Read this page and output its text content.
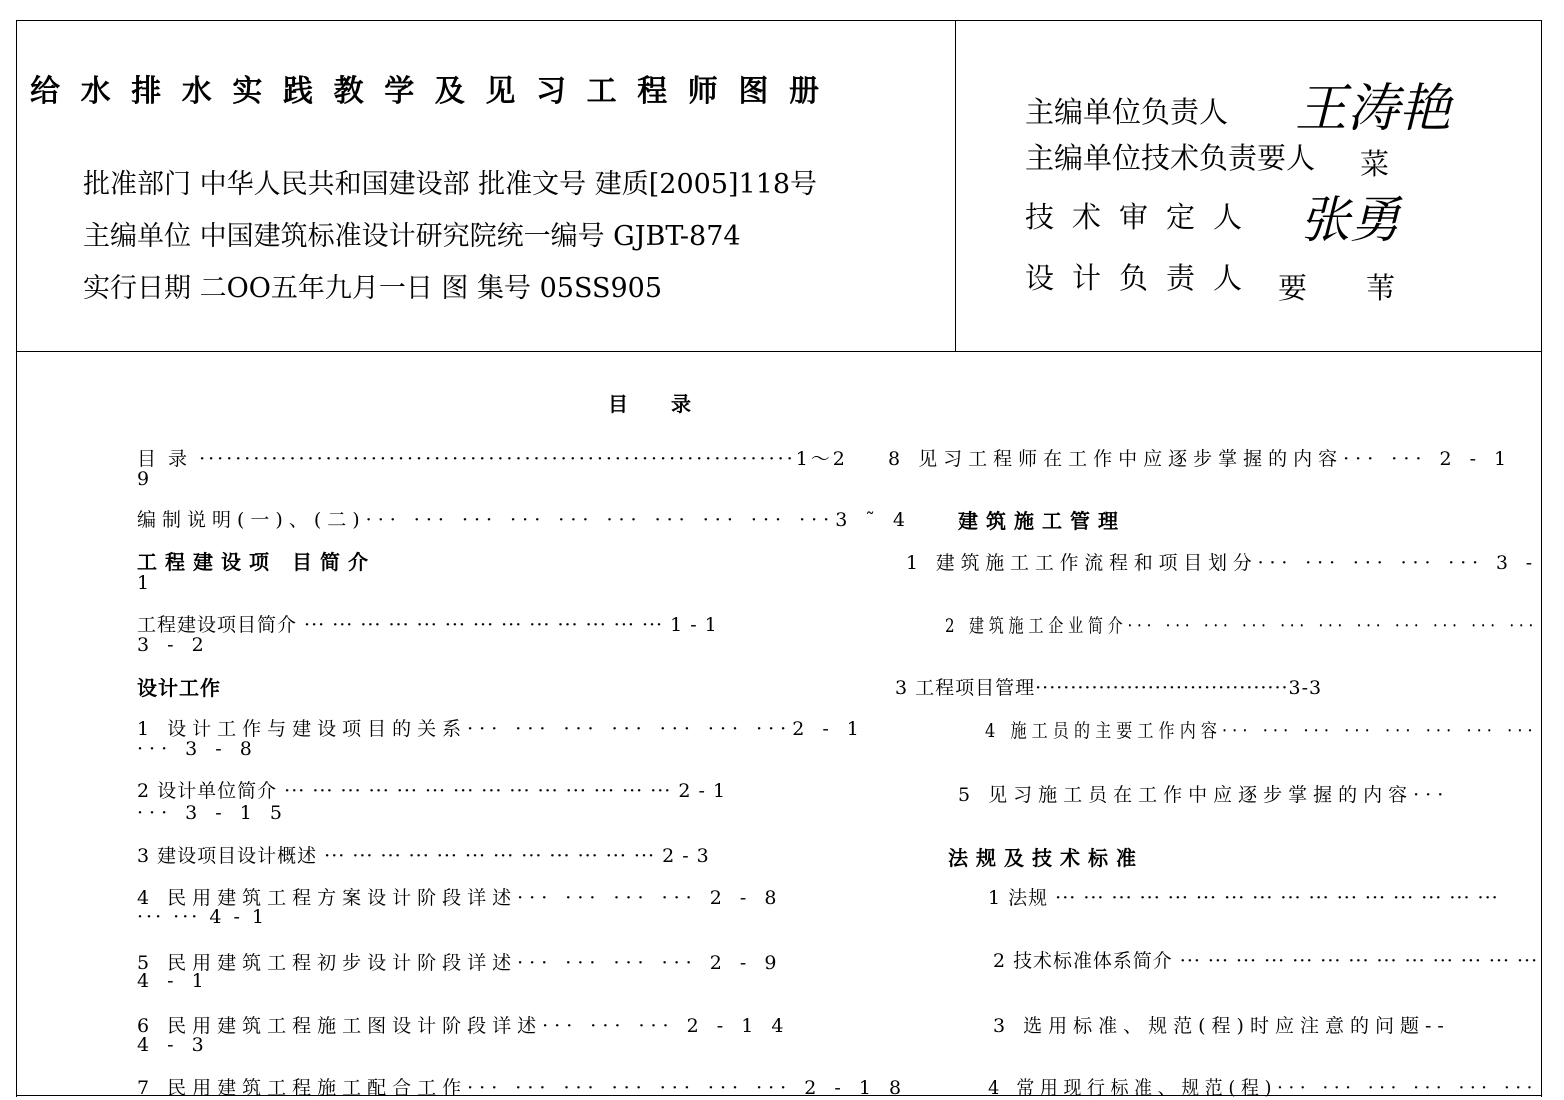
给水排水实践教学及见习工程师图册
批准部门 中华人民共和国建设部 批准文号 建质[2005]118号
主编单位 中国建筑标准设计研究院统一编号 GJBT-874
实行日期 二OO五年九月一日 图 集号 05SS905
主编单位负责人 王涛艳
主编单位技术负责要人 菜
技术审定人 张勇
设计负责人 要 苇
目 录
目 录 ··································································1～2
9
编制说明(一)、(二)··· ··· ··· ··· ··· ··· ··· ··· ··· ···3 ˜ 4
工程建设项 目简介
1
工程建设项目简介 ··· ··· ··· ··· ··· ··· ··· ··· ··· ··· ··· ··· ··· 1 - 1
3 - 2
设计工作
1 设计工作与建设项目的关系··· ··· ··· ··· ··· ··· ···2 - 1
··· 3 - 8
2 设计单位简介 ··· ··· ··· ··· ··· ··· ··· ··· ··· ··· ··· ··· ··· ··· 2 - 1
··· 3 - 1 5
3 建设项目设计概述 ··· ··· ··· ··· ··· ··· ··· ··· ··· ··· ··· ··· 2 - 3
4 民用建筑工程方案设计阶段详述··· ··· ··· ··· 2 - 8
··· ··· 4 - 1
5 民用建筑工程初步设计阶段详述··· ··· ··· ··· 2 - 9
4 - 1
6 民用建筑工程施工图设计阶段详述··· ··· ··· 2 - 1 4
4 - 3
7 民用建筑工程施工配合工作··· ··· ··· ··· ··· ··· ··· 2 - 1 8
8 见习工程师在工作中应逐步掌握的内容··· ··· 2 - 1
建筑施工管理
1 建筑施工工作流程和项目划分··· ··· ··· ··· ··· 3 -
2 建筑施工企业简介··· ··· ··· ··· ··· ··· ··· ··· ··· ··· ···
3 工程项目管理····································3-3
4 施工员的主要工作内容··· ··· ··· ··· ··· ··· ··· ···
5 见习施工员在工作中应逐步掌握的内容···
法规及技术标准
1 法规 ··· ··· ··· ··· ··· ··· ··· ··· ··· ··· ··· ··· ··· ··· ··· ···
2 技术标准体系简介 ··· ··· ··· ··· ··· ··· ··· ··· ··· ··· ··· ··· ···
3 选用标准、规范(程)时应注意的问题--
4 常用现行标准、规范(程)··· ··· ··· ··· ··· ···
